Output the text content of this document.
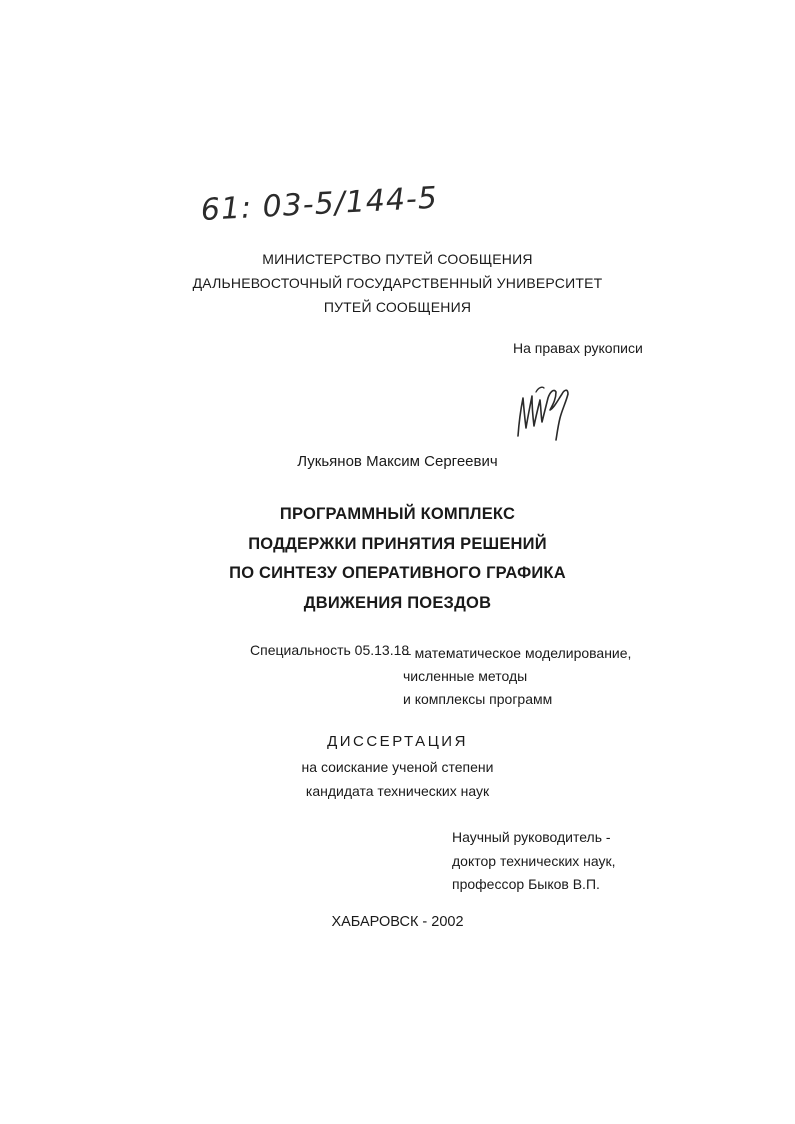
61: 03-5/144-5
МИНИСТЕРСТВО ПУТЕЙ СООБЩЕНИЯ
ДАЛЬНЕВОСТОЧНЫЙ ГОСУДАРСТВЕННЫЙ УНИВЕРСИТЕТ
ПУТЕЙ СООБЩЕНИЯ
На правах рукописи
Лукьянов Максим Сергеевич
ПРОГРАММНЫЙ КОМПЛЕКС
ПОДДЕРЖКИ ПРИНЯТИЯ РЕШЕНИЙ
ПО СИНТЕЗУ ОПЕРАТИВНОГО ГРАФИКА
ДВИЖЕНИЯ ПОЕЗДОВ
Специальность 05.13.18
– математическое моделирование,
численные методы
и комплексы программ
ДИССЕРТАЦИЯ
на соискание ученой степени
кандидата технических наук
Научный руководитель -
доктор технических наук,
профессор Быков В.П.
ХАБАРОВСК - 2002
